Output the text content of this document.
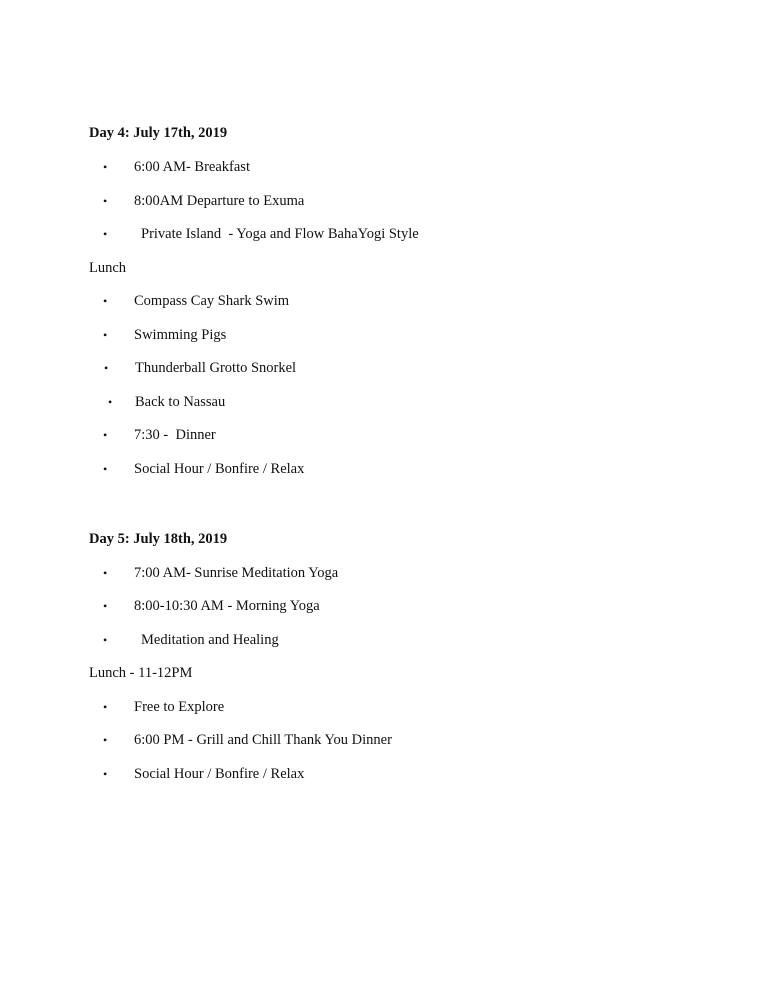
Day 4: July 17th, 2019
• 6:00 AM- Breakfast
• 8:00AM Departure to Exuma
• Private Island  - Yoga and Flow BahaYogi Style
Lunch
• Compass Cay Shark Swim
• Swimming Pigs
• Thunderball Grotto Snorkel
• Back to Nassau
• 7:30 -  Dinner
• Social Hour / Bonfire / Relax
Day 5: July 18th, 2019
• 7:00 AM- Sunrise Meditation Yoga
• 8:00-10:30 AM - Morning Yoga
• Meditation and Healing
Lunch - 11-12PM
• Free to Explore
• 6:00 PM - Grill and Chill Thank You Dinner
• Social Hour / Bonfire / Relax
